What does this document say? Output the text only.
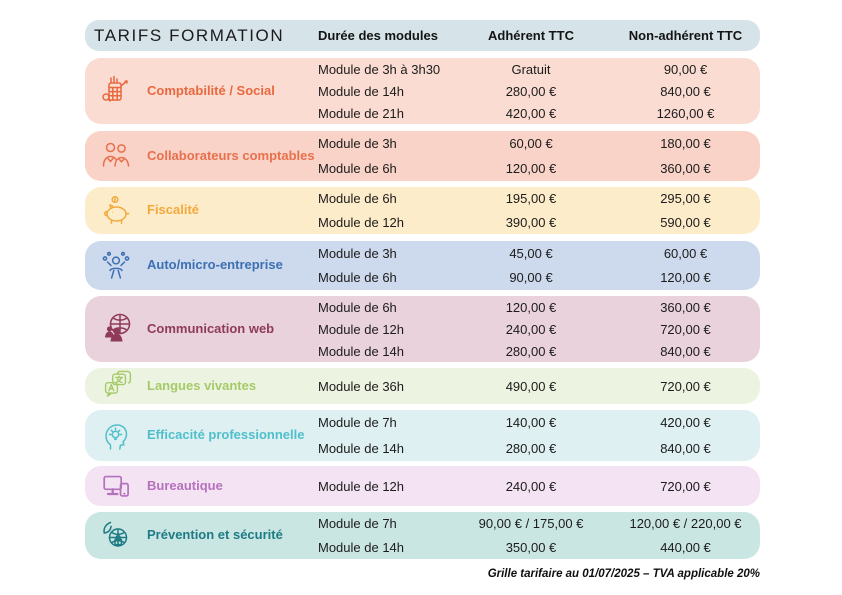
TARIFS FORMATION	Durée des modules	Adhérent TTC	Non-adhérent TTC
Comptabilité / Social
Module de 3h à 3h30	Gratuit	90,00 €
Module de 14h	280,00 €	840,00 €
Module de 21h	420,00 €	1260,00 €
Collaborateurs comptables
Module de 3h	60,00 €	180,00 €
Module de 6h	120,00 €	360,00 €
Fiscalité
Module de 6h	195,00 €	295,00 €
Module de 12h	390,00 €	590,00 €
Auto/micro-entreprise
Module de 3h	45,00 €	60,00 €
Module de 6h	90,00 €	120,00 €
Communication web
Module de 6h	120,00 €	360,00 €
Module de 12h	240,00 €	720,00 €
Module de 14h	280,00 €	840,00 €
Langues vivantes	Module de 36h	490,00 €	720,00 €
Efficacité professionnelle
Module de 7h	140,00 €	420,00 €
Module de 14h	280,00 €	840,00 €
Bureautique	Module de 12h	240,00 €	720,00 €
Prévention et sécurité
Module de 7h	90,00 € / 175,00 €	120,00 € / 220,00 €
Module de 14h	350,00 €	440,00 €
Grille tarifaire au 01/07/2025 – TVA applicable 20%
